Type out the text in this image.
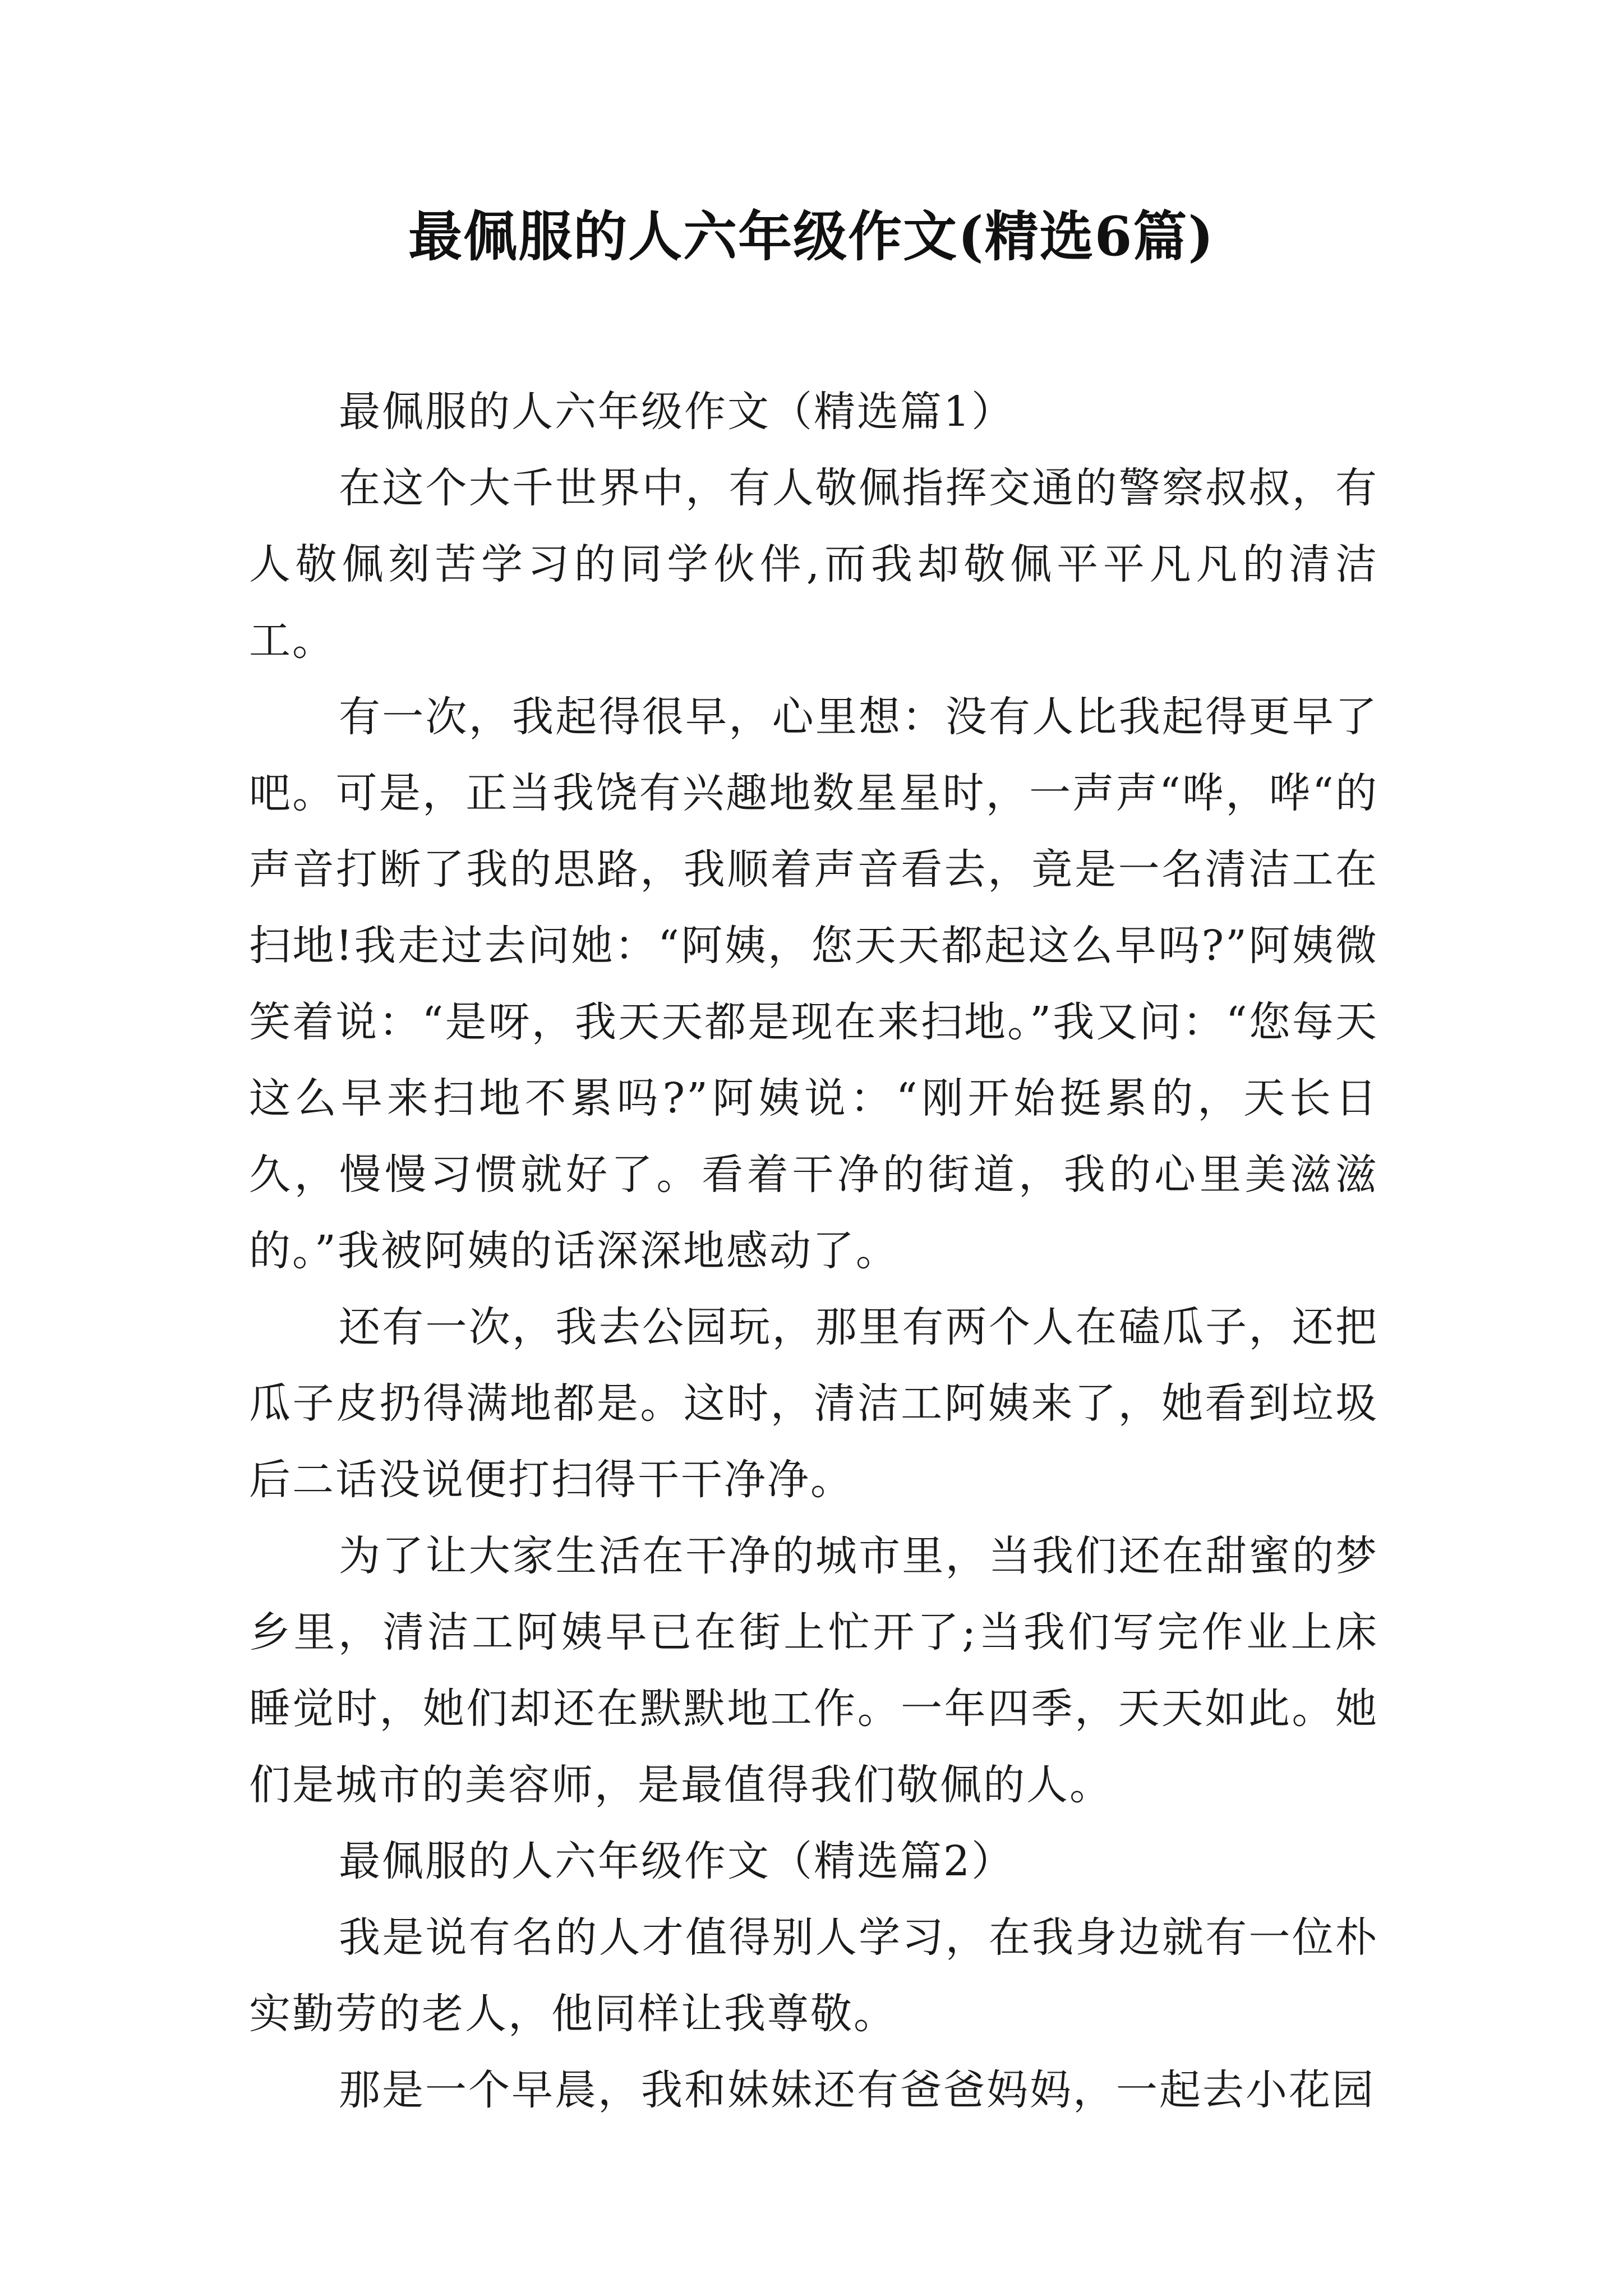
最佩服的人六年级作文(精选6篇)

最佩服的人六年级作文（精选篇1）

在这个大千世界中，有人敬佩指挥交通的警察叔叔，有人敬佩刻苦学习的同学伙伴,而我却敬佩平平凡凡的清洁工。

有一次，我起得很早，心里想：没有人比我起得更早了吧。可是，正当我饶有兴趣地数星星时，一声声“哗，哗“的声音打断了我的思路，我顺着声音看去，竟是一名清洁工在扫地!我走过去问她：“阿姨，您天天都起这么早吗?”阿姨微笑着说：“是呀，我天天都是现在来扫地。”我又问：“您每天这么早来扫地不累吗?”阿姨说：“刚开始挺累的，天长日久，慢慢习惯就好了。看着干净的街道，我的心里美滋滋的。”我被阿姨的话深深地感动了。

还有一次，我去公园玩，那里有两个人在磕瓜子，还把瓜子皮扔得满地都是。这时，清洁工阿姨来了，她看到垃圾后二话没说便打扫得干干净净。

为了让大家生活在干净的城市里，当我们还在甜蜜的梦乡里，清洁工阿姨早已在街上忙开了;当我们写完作业上床睡觉时，她们却还在默默地工作。一年四季，天天如此。她们是城市的美容师，是最值得我们敬佩的人。

最佩服的人六年级作文（精选篇2）

我是说有名的人才值得别人学习，在我身边就有一位朴实勤劳的老人，他同样让我尊敬。

那是一个早晨，我和妹妹还有爸爸妈妈，一起去小花园
